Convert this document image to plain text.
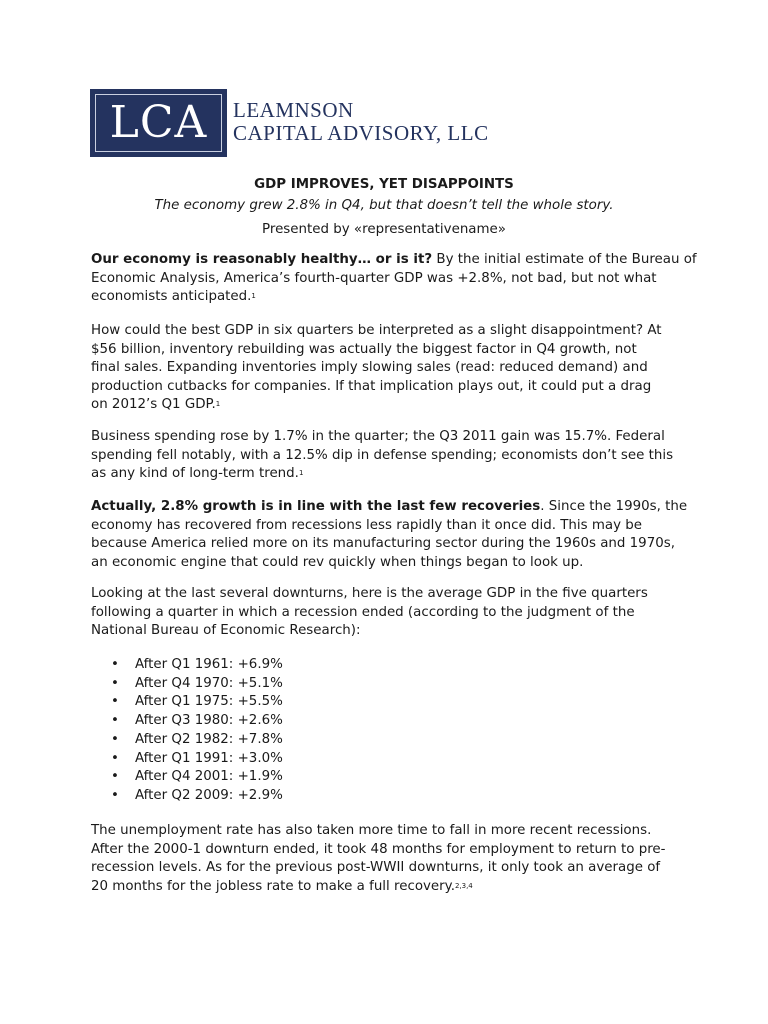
LCA	LEAMNSON
CAPITAL ADVISORY, LLC
GDP IMPROVES, YET DISAPPOINTS
The economy grew 2.8% in Q4, but that doesn’t tell the whole story.
Presented by «representativename»
Our economy is reasonably healthy… or is it? By the initial estimate of the Bureau of
Economic Analysis, America’s fourth-quarter GDP was +2.8%, not bad, but not what
economists anticipated.$^1$
How could the best GDP in six quarters be interpreted as a slight disappointment? At
$56 billion, inventory rebuilding was actually the biggest factor in Q4 growth, not
final sales. Expanding inventories imply slowing sales (read: reduced demand) and
production cutbacks for companies. If that implication plays out, it could put a drag
on 2012’s Q1 GDP.$^1$
Business spending rose by 1.7% in the quarter; the Q3 2011 gain was 15.7%. Federal
spending fell notably, with a 12.5% dip in defense spending; economists don’t see this
as any kind of long-term trend.$^1$
Actually, 2.8% growth is in line with the last few recoveries. Since the 1990s, the
economy has recovered from recessions less rapidly than it once did. This may be
because America relied more on its manufacturing sector during the 1960s and 1970s,
an economic engine that could rev quickly when things began to look up.
Looking at the last several downturns, here is the average GDP in the five quarters
following a quarter in which a recession ended (according to the judgment of the
National Bureau of Economic Research):
• After Q1 1961: +6.9%
• After Q4 1970: +5.1%
• After Q1 1975: +5.5%
• After Q3 1980: +2.6%
• After Q2 1982: +7.8%
• After Q1 1991: +3.0%
• After Q4 2001: +1.9%
• After Q2 2009: +2.9%
The unemployment rate has also taken more time to fall in more recent recessions.
After the 2000-1 downturn ended, it took 48 months for employment to return to pre-
recession levels. As for the previous post-WWII downturns, it only took an average of
20 months for the jobless rate to make a full recovery.$^{2,3,4}$
